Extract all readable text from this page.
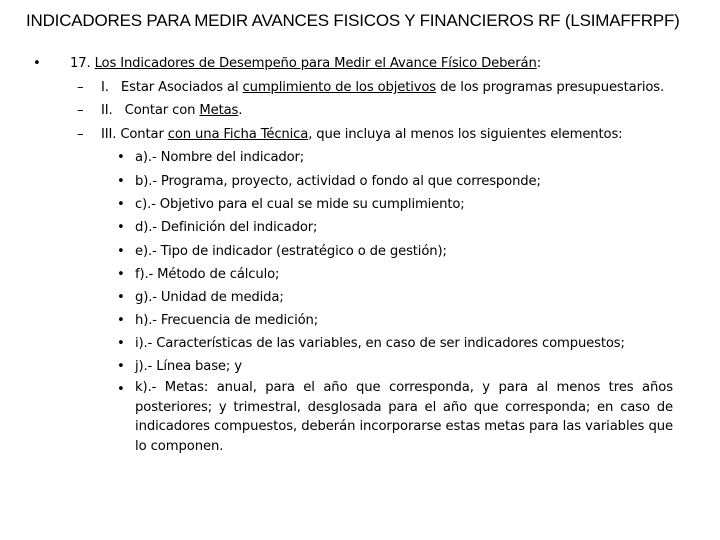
INDICADORES PARA MEDIR AVANCES FISICOS Y FINANCIEROS RF (LSIMAFFRPF)
• 17. Los Indicadores de Desempeño para Medir el Avance Físico Deberán:
– I. Estar Asociados al cumplimiento de los objetivos de los programas presupuestarios.
– II. Contar con Metas.
– III. Contar con una Ficha Técnica, que incluya al menos los siguientes elementos:
• a).- Nombre del indicador;
• b).- Programa, proyecto, actividad o fondo al que corresponde;
• c).- Objetivo para el cual se mide su cumplimiento;
• d).- Definición del indicador;
• e).- Tipo de indicador (estratégico o de gestión);
• f).- Método de cálculo;
• g).- Unidad de medida;
• h).- Frecuencia de medición;
• i).- Características de las variables, en caso de ser indicadores compuestos;
• j).- Línea base; y
• k).- Metas: anual, para el año que corresponda, y para al menos tres años posteriores; y trimestral, desglosada para el año que corresponda; en caso de indicadores compuestos, deberán incorporarse estas metas para las variables que lo componen.
